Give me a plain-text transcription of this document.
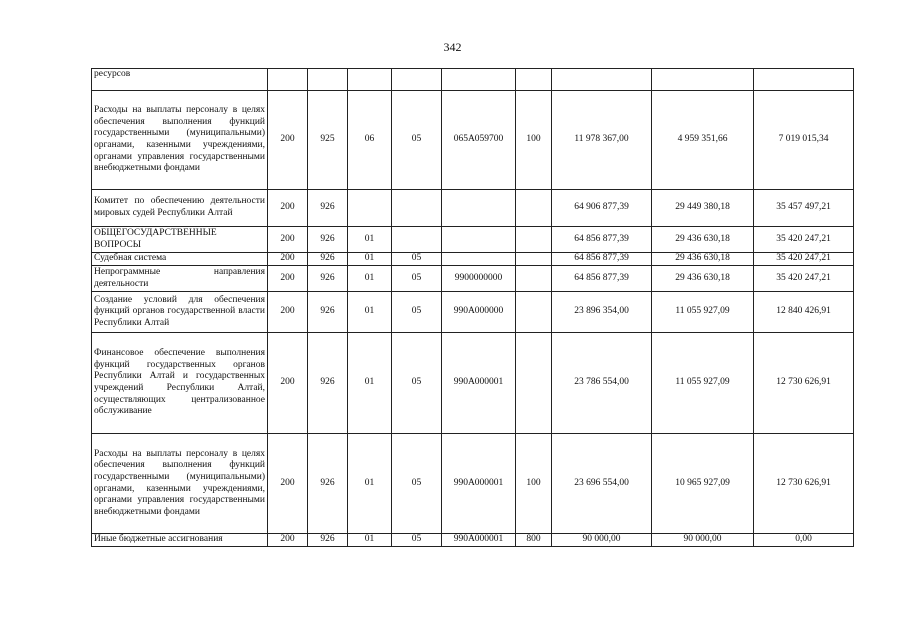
342
ресурсов									
Расходы на выплаты персоналу в целях обеспечения выполнения функций государственными (муниципальными) органами, казенными учреждениями, органами управления государственными внебюджетными фондами	200	925	06	05	065A059700	100	11 978 367,00	4 959 351,66	7 019 015,34
Комитет по обеспечению деятельности мировых судей Республики Алтай	200	926					64 906 877,39	29 449 380,18	35 457 497,21
ОБЩЕГОСУДАРСТВЕННЫЕ ВОПРОСЫ	200	926	01				64 856 877,39	29 436 630,18	35 420 247,21
Судебная система	200	926	01	05			64 856 877,39	29 436 630,18	35 420 247,21
Непрограммные направления деятельности	200	926	01	05	9900000000		64 856 877,39	29 436 630,18	35 420 247,21
Создание условий для обеспечения функций органов государственной власти Республики Алтай	200	926	01	05	990A000000		23 896 354,00	11 055 927,09	12 840 426,91
Финансовое обеспечение выполнения функций государственных органов Республики Алтай и государственных учреждений Республики Алтай, осуществляющих централизованное обслуживание	200	926	01	05	990A000001		23 786 554,00	11 055 927,09	12 730 626,91
Расходы на выплаты персоналу в целях обеспечения выполнения функций государственными (муниципальными) органами, казенными учреждениями, органами управления государственными внебюджетными фондами	200	926	01	05	990A000001	100	23 696 554,00	10 965 927,09	12 730 626,91
Иные бюджетные ассигнования	200	926	01	05	990A000001	800	90 000,00	90 000,00	0,00
